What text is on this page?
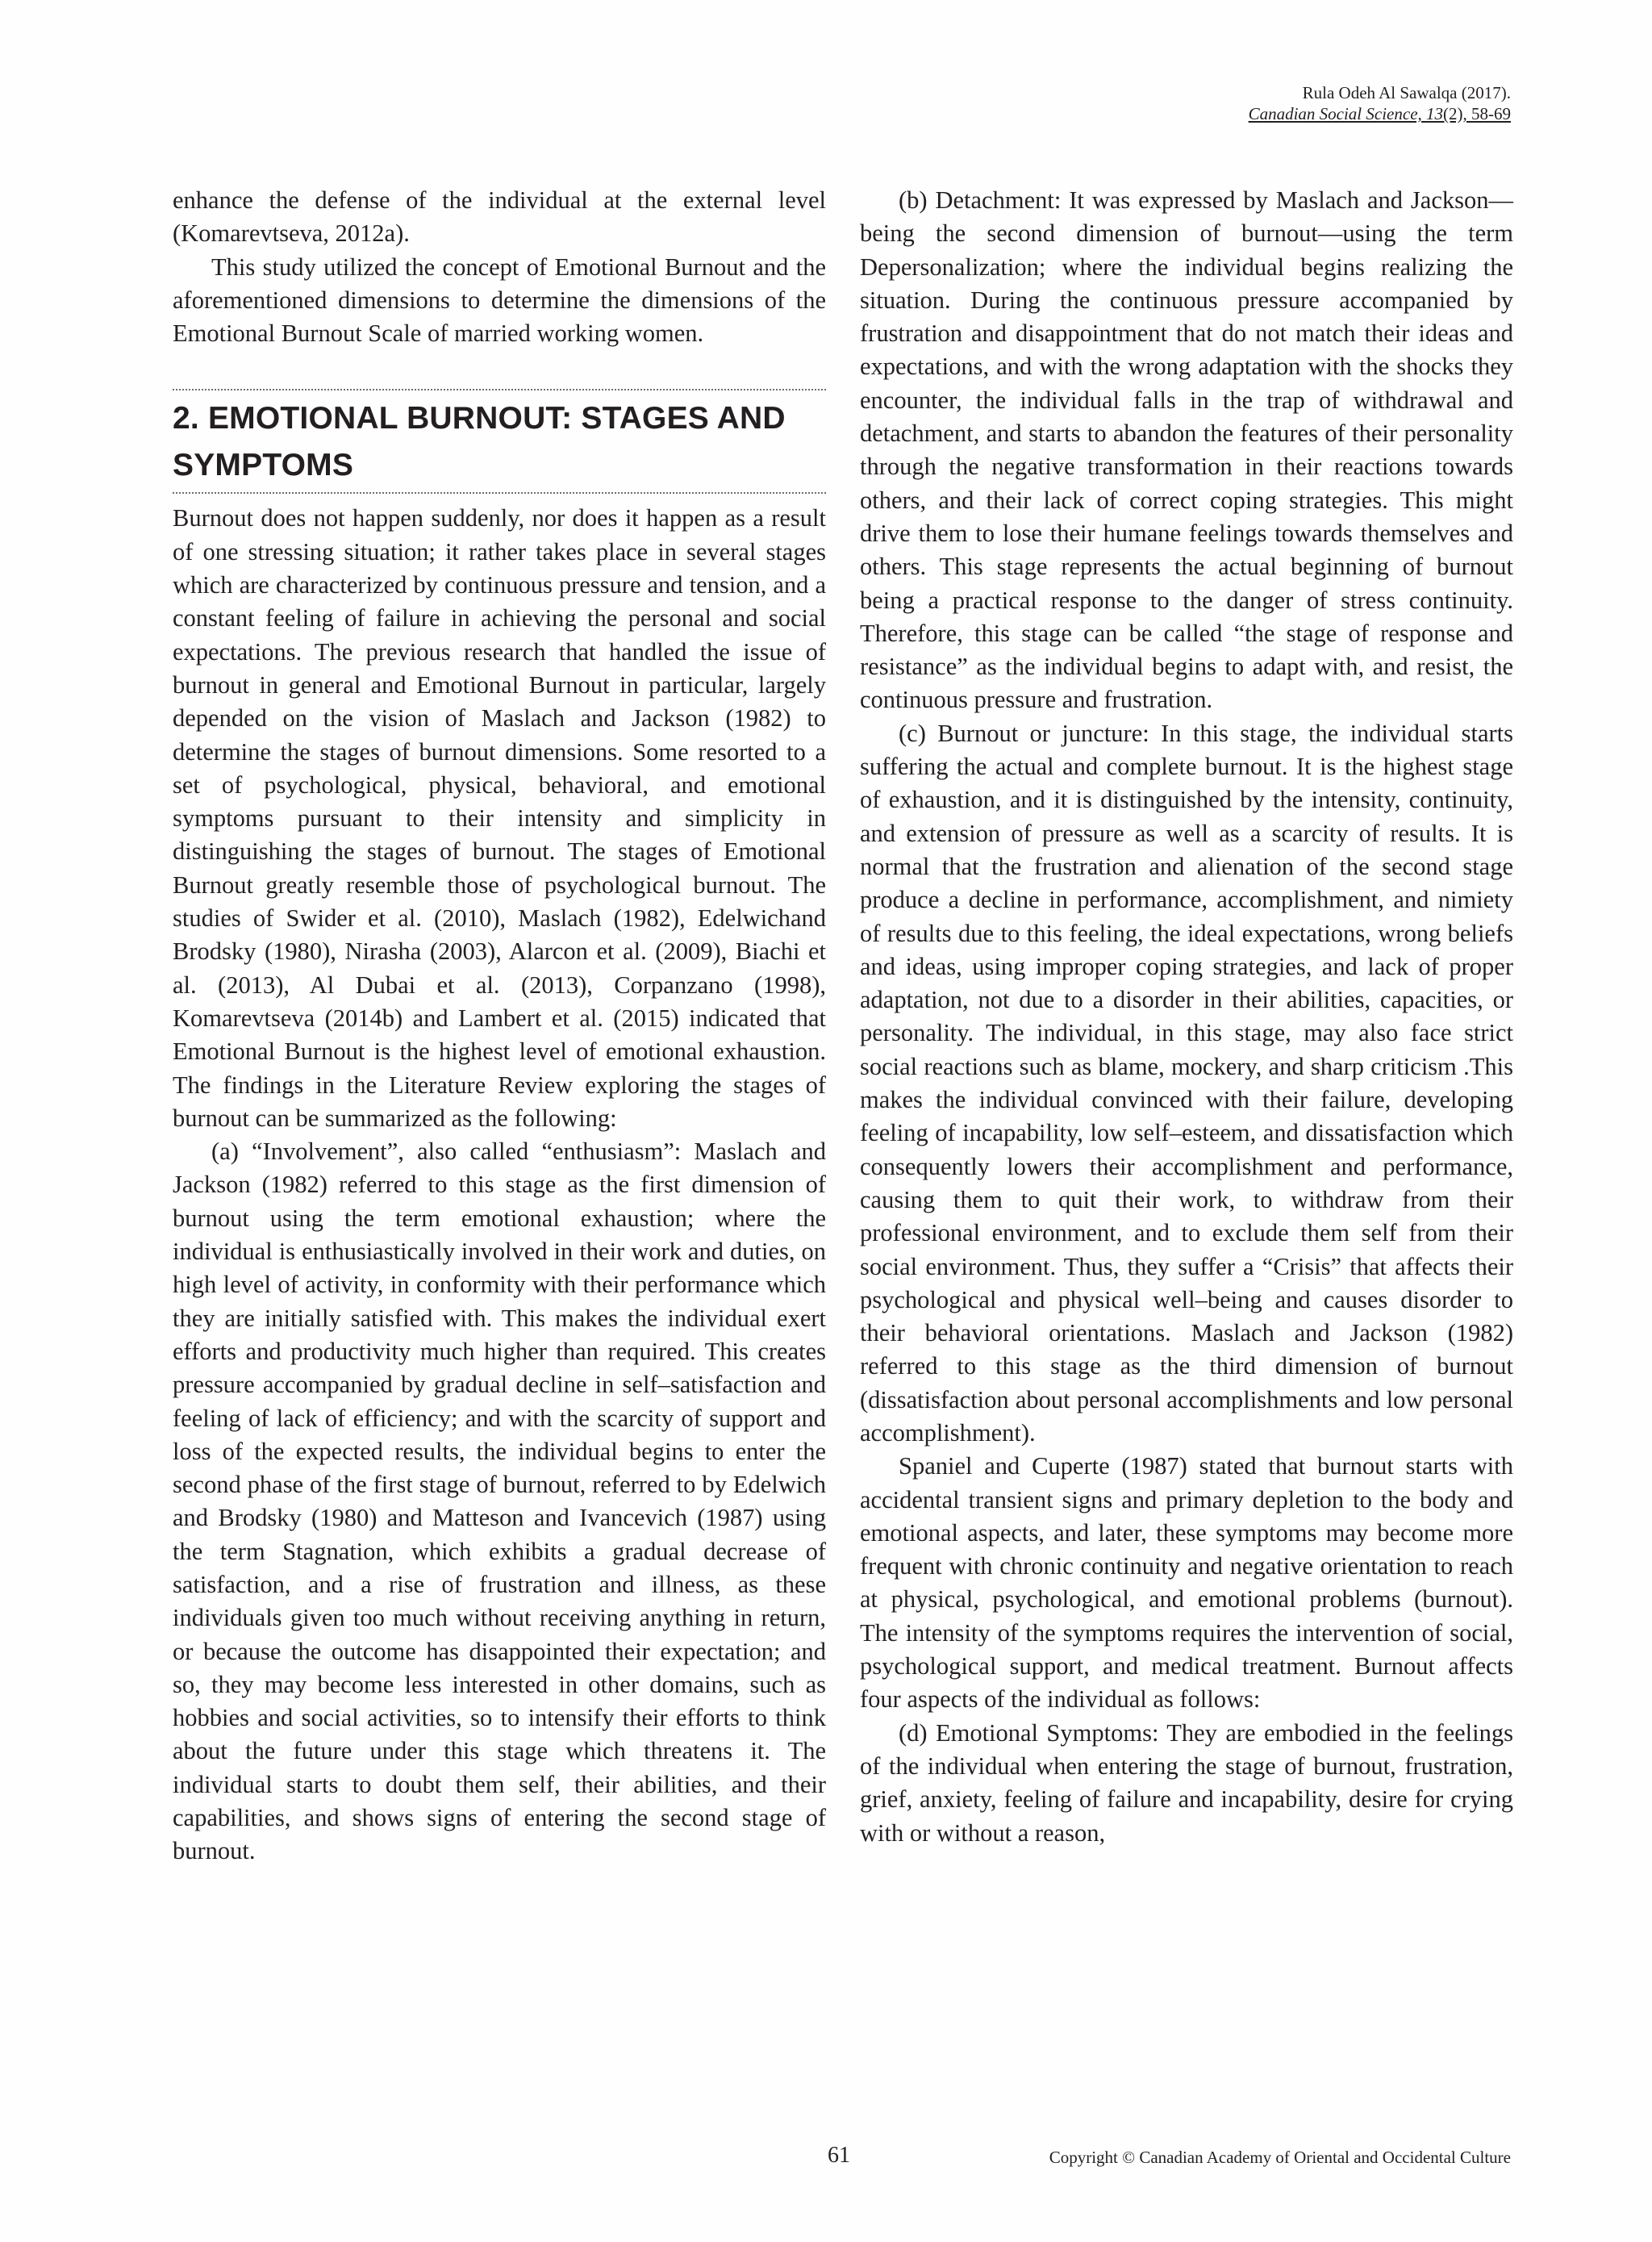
Rula Odeh Al Sawalqa (2017).
Canadian Social Science, 13(2), 58-69

enhance the defense of the individual at the external level (Komarevtseva, 2012a).

This study utilized the concept of Emotional Burnout and the aforementioned dimensions to determine the dimensions of the Emotional Burnout Scale of married working women.

2. EMOTIONAL BURNOUT: STAGES AND SYMPTOMS

Burnout does not happen suddenly, nor does it happen as a result of one stressing situation; it rather takes place in several stages which are characterized by continuous pressure and tension, and a constant feeling of failure in achieving the personal and social expectations. The previous research that handled the issue of burnout in general and Emotional Burnout in particular, largely depended on the vision of Maslach and Jackson (1982) to determine the stages of burnout dimensions. Some resorted to a set of psychological, physical, behavioral, and emotional symptoms pursuant to their intensity and simplicity in distinguishing the stages of burnout. The stages of Emotional Burnout greatly resemble those of psychological burnout. The studies of Swider et al. (2010), Maslach (1982), Edelwichand Brodsky (1980), Nirasha (2003), Alarcon et al. (2009), Biachi et al. (2013), Al Dubai et al. (2013), Corpanzano (1998), Komarevtseva (2014b) and Lambert et al. (2015) indicated that Emotional Burnout is the highest level of emotional exhaustion. The findings in the Literature Review exploring the stages of burnout can be summarized as the following:

(a) “Involvement”, also called “enthusiasm”: Maslach and Jackson (1982) referred to this stage as the first dimension of burnout using the term emotional exhaustion; where the individual is enthusiastically involved in their work and duties, on high level of activity, in conformity with their performance which they are initially satisfied with. This makes the individual exert efforts and productivity much higher than required. This creates pressure accompanied by gradual decline in self–satisfaction and feeling of lack of efficiency; and with the scarcity of support and loss of the expected results, the individual begins to enter the second phase of the first stage of burnout, referred to by Edelwich and Brodsky (1980) and Matteson and Ivancevich (1987) using the term Stagnation, which exhibits a gradual decrease of satisfaction, and a rise of frustration and illness, as these individuals given too much without receiving anything in return, or because the outcome has disappointed their expectation; and so, they may become less interested in other domains, such as hobbies and social activities, so to intensify their efforts to think about the future under this stage which threatens it. The individual starts to doubt them self, their abilities, and their capabilities, and shows signs of entering the second stage of burnout.

(b) Detachment: It was expressed by Maslach and Jackson—being the second dimension of burnout—using the term Depersonalization; where the individual begins realizing the situation. During the continuous pressure accompanied by frustration and disappointment that do not match their ideas and expectations, and with the wrong adaptation with the shocks they encounter, the individual falls in the trap of withdrawal and detachment, and starts to abandon the features of their personality through the negative transformation in their reactions towards others, and their lack of correct coping strategies. This might drive them to lose their humane feelings towards themselves and others. This stage represents the actual beginning of burnout being a practical response to the danger of stress continuity. Therefore, this stage can be called “the stage of response and resistance” as the individual begins to adapt with, and resist, the continuous pressure and frustration.

(c) Burnout or juncture: In this stage, the individual starts suffering the actual and complete burnout. It is the highest stage of exhaustion, and it is distinguished by the intensity, continuity, and extension of pressure as well as a scarcity of results. It is normal that the frustration and alienation of the second stage produce a decline in performance, accomplishment, and nimiety of results due to this feeling, the ideal expectations, wrong beliefs and ideas, using improper coping strategies, and lack of proper adaptation, not due to a disorder in their abilities, capacities, or personality. The individual, in this stage, may also face strict social reactions such as blame, mockery, and sharp criticism .This makes the individual convinced with their failure, developing feeling of incapability, low self–esteem, and dissatisfaction which consequently lowers their accomplishment and performance, causing them to quit their work, to withdraw from their professional environment, and to exclude them self from their social environment. Thus, they suffer a “Crisis” that affects their psychological and physical well–being and causes disorder to their behavioral orientations. Maslach and Jackson (1982) referred to this stage as the third dimension of burnout (dissatisfaction about personal accomplishments and low personal accomplishment).

Spaniel and Cuperte (1987) stated that burnout starts with accidental transient signs and primary depletion to the body and emotional aspects, and later, these symptoms may become more frequent with chronic continuity and negative orientation to reach at physical, psychological, and emotional problems (burnout). The intensity of the symptoms requires the intervention of social, psychological support, and medical treatment. Burnout affects four aspects of the individual as follows:

(d) Emotional Symptoms: They are embodied in the feelings of the individual when entering the stage of burnout, frustration, grief, anxiety, feeling of failure and incapability, desire for crying with or without a reason,

61	Copyright © Canadian Academy of Oriental and Occidental Culture
